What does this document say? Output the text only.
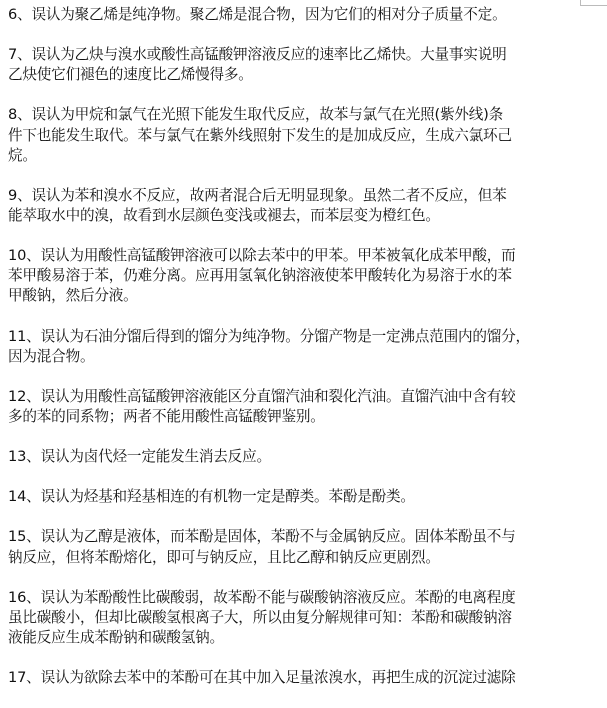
6、误认为聚乙烯是纯净物。聚乙烯是混合物，因为它们的相对分子质量不定。
7、误认为乙炔与溴水或酸性高锰酸钾溶液反应的速率比乙烯快。大量事实说明
乙炔使它们褪色的速度比乙烯慢得多。
8、误认为甲烷和氯气在光照下能发生取代反应，故苯与氯气在光照(紫外线)条
件下也能发生取代。苯与氯气在紫外线照射下发生的是加成反应，生成六氯环己
烷。
9、误认为苯和溴水不反应，故两者混合后无明显现象。虽然二者不反应，但苯
能萃取水中的溴，故看到水层颜色变浅或褪去，而苯层变为橙红色。
10、误认为用酸性高锰酸钾溶液可以除去苯中的甲苯。甲苯被氧化成苯甲酸，而
苯甲酸易溶于苯，仍难分离。应再用氢氧化钠溶液使苯甲酸转化为易溶于水的苯
甲酸钠，然后分液。
11、误认为石油分馏后得到的馏分为纯净物。分馏产物是一定沸点范围内的馏分，
因为混合物。
12、误认为用酸性高锰酸钾溶液能区分直馏汽油和裂化汽油。直馏汽油中含有较
多的苯的同系物；两者不能用酸性高锰酸钾鉴别。
13、误认为卤代烃一定能发生消去反应。
14、误认为烃基和羟基相连的有机物一定是醇类。苯酚是酚类。
15、误认为乙醇是液体，而苯酚是固体，苯酚不与金属钠反应。固体苯酚虽不与
钠反应，但将苯酚熔化，即可与钠反应，且比乙醇和钠反应更剧烈。
16、误认为苯酚酸性比碳酸弱，故苯酚不能与碳酸钠溶液反应。苯酚的电离程度
虽比碳酸小，但却比碳酸氢根离子大，所以由复分解规律可知：苯酚和碳酸钠溶
液能反应生成苯酚钠和碳酸氢钠。
17、误认为欲除去苯中的苯酚可在其中加入足量浓溴水，再把生成的沉淀过滤除
